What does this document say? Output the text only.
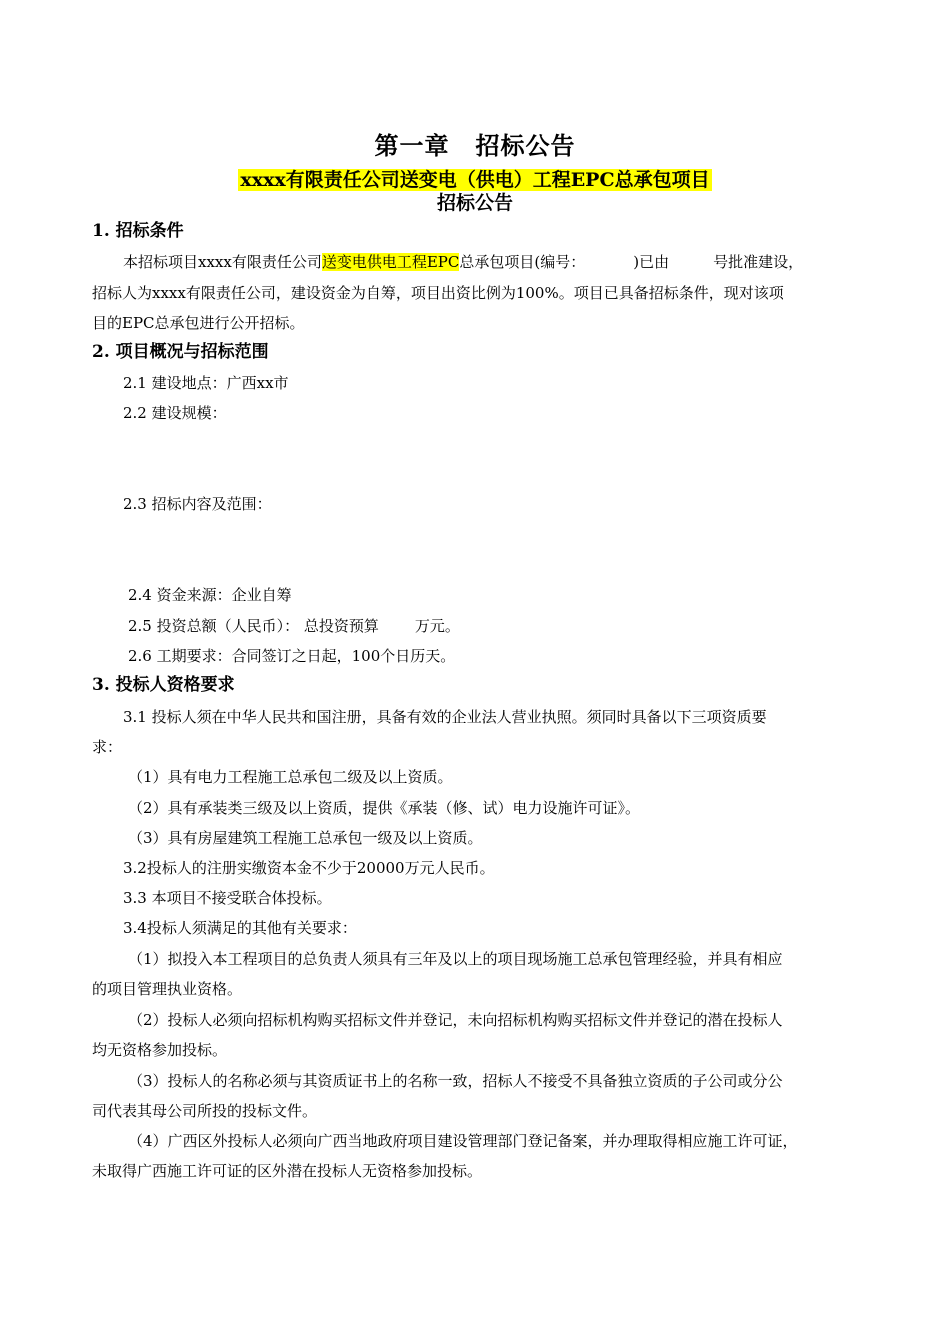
第一章 招标公告
xxxx有限责任公司送变电（供电）工程EPC总承包项目
招标公告
1. 招标条件
本招标项目xxxx有限责任公司送变电供电工程EPC总承包项目(编号：	)已由	号批准建设，
招标人为xxxx有限责任公司，建设资金为自筹，项目出资比例为100%。项目已具备招标条件，现对该项
目的EPC总承包进行公开招标。
2. 项目概况与招标范围
2.1 建设地点：广西xx市
2.2 建设规模：
2.3 招标内容及范围：
2.4 资金来源：企业自筹
2.5 投资总额（人民币）： 总投资预算 万元。
2.6 工期要求：合同签订之日起，100个日历天。
3. 投标人资格要求
3.1 投标人须在中华人民共和国注册，具备有效的企业法人营业执照。须同时具备以下三项资质要
求：
（1）具有电力工程施工总承包二级及以上资质。
（2）具有承装类三级及以上资质，提供《承装（修、试）电力设施许可证》。
（3）具有房屋建筑工程施工总承包一级及以上资质。
3.2投标人的注册实缴资本金不少于20000万元人民币。
3.3 本项目不接受联合体投标。
3.4投标人须满足的其他有关要求：
（1）拟投入本工程项目的总负责人须具有三年及以上的项目现场施工总承包管理经验，并具有相应
的项目管理执业资格。
（2）投标人必须向招标机构购买招标文件并登记，未向招标机构购买招标文件并登记的潜在投标人
均无资格参加投标。
（3）投标人的名称必须与其资质证书上的名称一致，招标人不接受不具备独立资质的子公司或分公
司代表其母公司所投的投标文件。
（4）广西区外投标人必须向广西当地政府项目建设管理部门登记备案，并办理取得相应施工许可证，
未取得广西施工许可证的区外潜在投标人无资格参加投标。
